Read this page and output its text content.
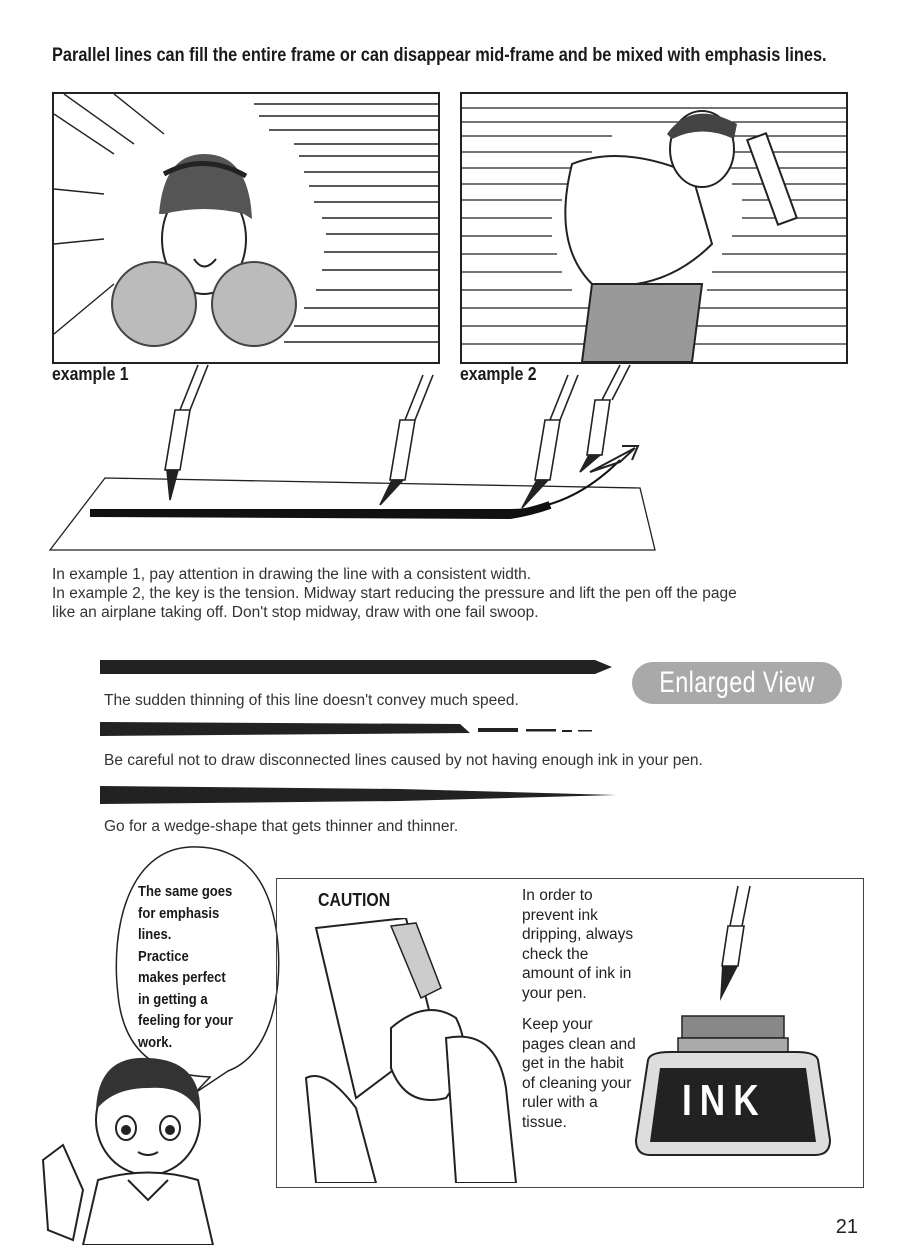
Parallel lines can fill the entire frame or can disappear mid-frame and be mixed with emphasis lines.
example 1	example 2
In example 1, pay attention in drawing the line with a consistent width.
In example 2, the key is the tension. Midway start reducing the pressure and lift the pen off the page
like an airplane taking off. Don't stop midway, draw with one fail swoop.
Enlarged View
The sudden thinning of this line doesn't convey much speed.
Be careful not to draw disconnected lines caused by not having enough ink in your pen.
Go for a wedge-shape that gets thinner and thinner.
The same goes
for emphasis
lines.
Practice
makes perfect
in getting a
feeling for your
work.
CAUTION	In order to
prevent ink
dripping, always
check the
amount of ink in
your pen.
Keep your
pages clean and
get in the habit
of cleaning your
ruler with a
tissue.	INK
21
